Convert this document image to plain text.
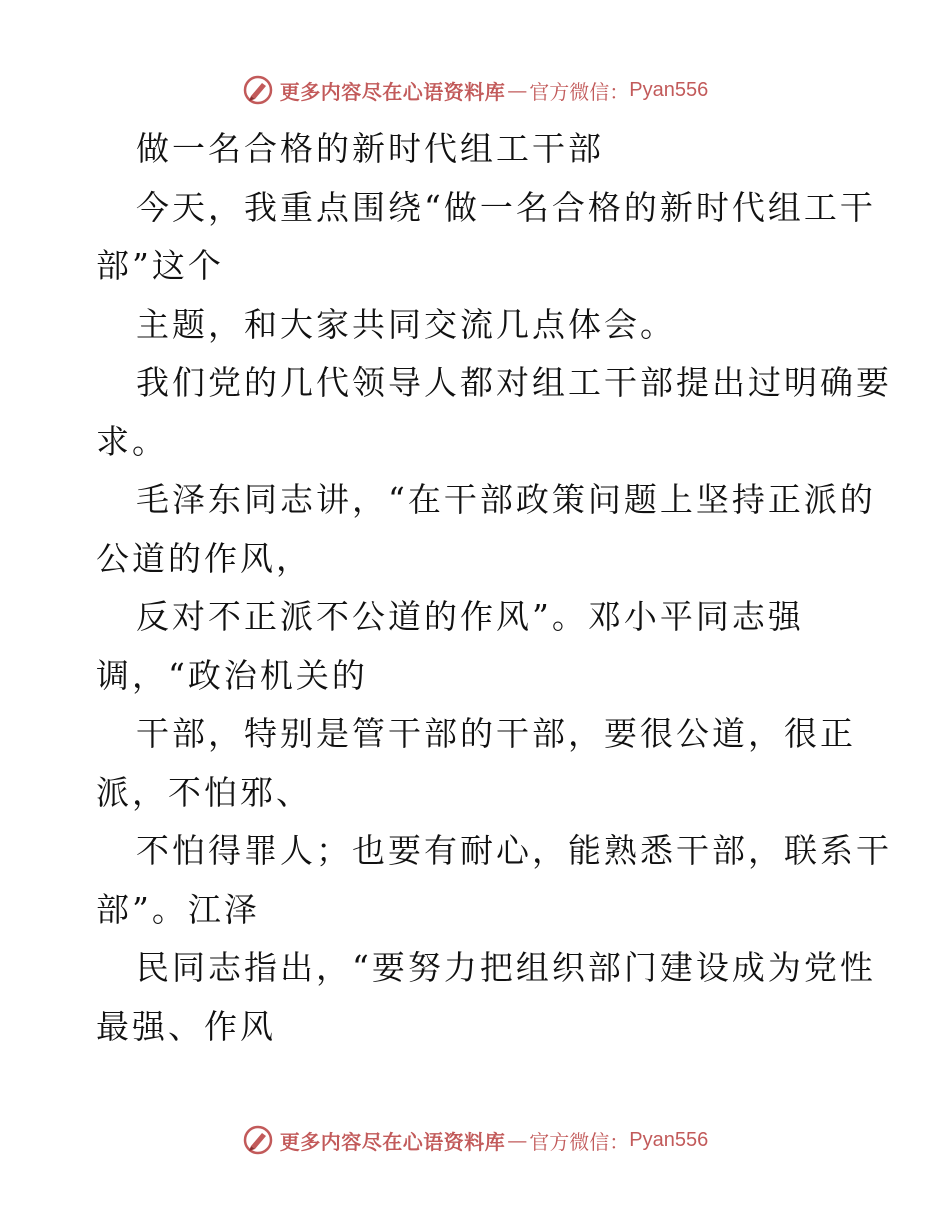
更多内容尽在心语资料库 — 官方微信： Pyan556
做一名合格的新时代组工干部
今天，我重点围绕“做一名合格的新时代组工干
部”这个
主题，和大家共同交流几点体会。
我们党的几代领导人都对组工干部提出过明确要
求。
毛泽东同志讲，“在干部政策问题上坚持正派的
公道的作风，
反对不正派不公道的作风”。邓小平同志强
调，“政治机关的
干部，特别是管干部的干部，要很公道，很正
派，不怕邪、
不怕得罪人；也要有耐心，能熟悉干部，联系干
部”。江泽
民同志指出，“要努力把组织部门建设成为党性
最强、作风
更多内容尽在心语资料库 — 官方微信： Pyan556
